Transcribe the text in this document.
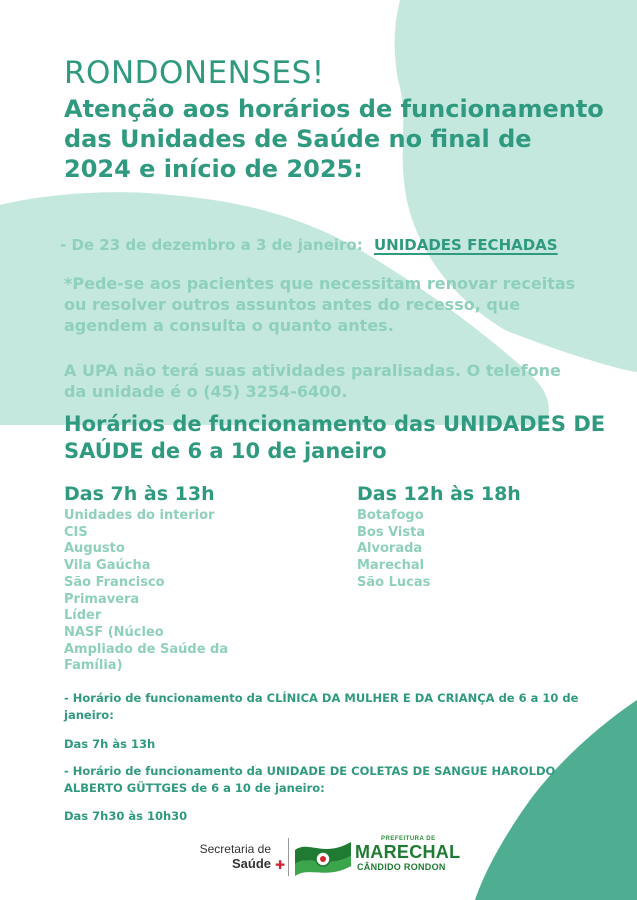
RONDONENSES!
Atenção aos horários de funcionamento das Unidades de Saúde no final de 2024 e início de 2025:

- De 23 de dezembro a 3 de janeiro: UNIDADES FECHADAS

*Pede-se aos pacientes que necessitam renovar receitas ou resolver outros assuntos antes do recesso, que agendem a consulta o quanto antes.

A UPA não terá suas atividades paralisadas. O telefone da unidade é o (45) 3254-6400.

Horários de funcionamento das UNIDADES DE SAÚDE de 6 a 10 de janeiro
Das 7h às 13h
Unidades do interior
CIS
Augusto
Vila Gaúcha
São Francisco
Primavera
Líder
NASF (Núcleo Ampliado de Saúde da Família)
Das 12h às 18h
Botafogo
Bos Vista
Alvorada
Marechal
São Lucas

- Horário de funcionamento da CLÍNICA DA MULHER E DA CRIANÇA de 6 a 10 de janeiro:

Das 7h às 13h

- Horário de funcionamento da UNIDADE DE COLETAS DE SANGUE HAROLDO ALBERTO GÜTTGES de 6 a 10 de janeiro:

Das 7h30 às 10h30

Secretaria de
Saúde ✚
PREFEITURA DE
MARECHAL
CÂNDIDO RONDON
